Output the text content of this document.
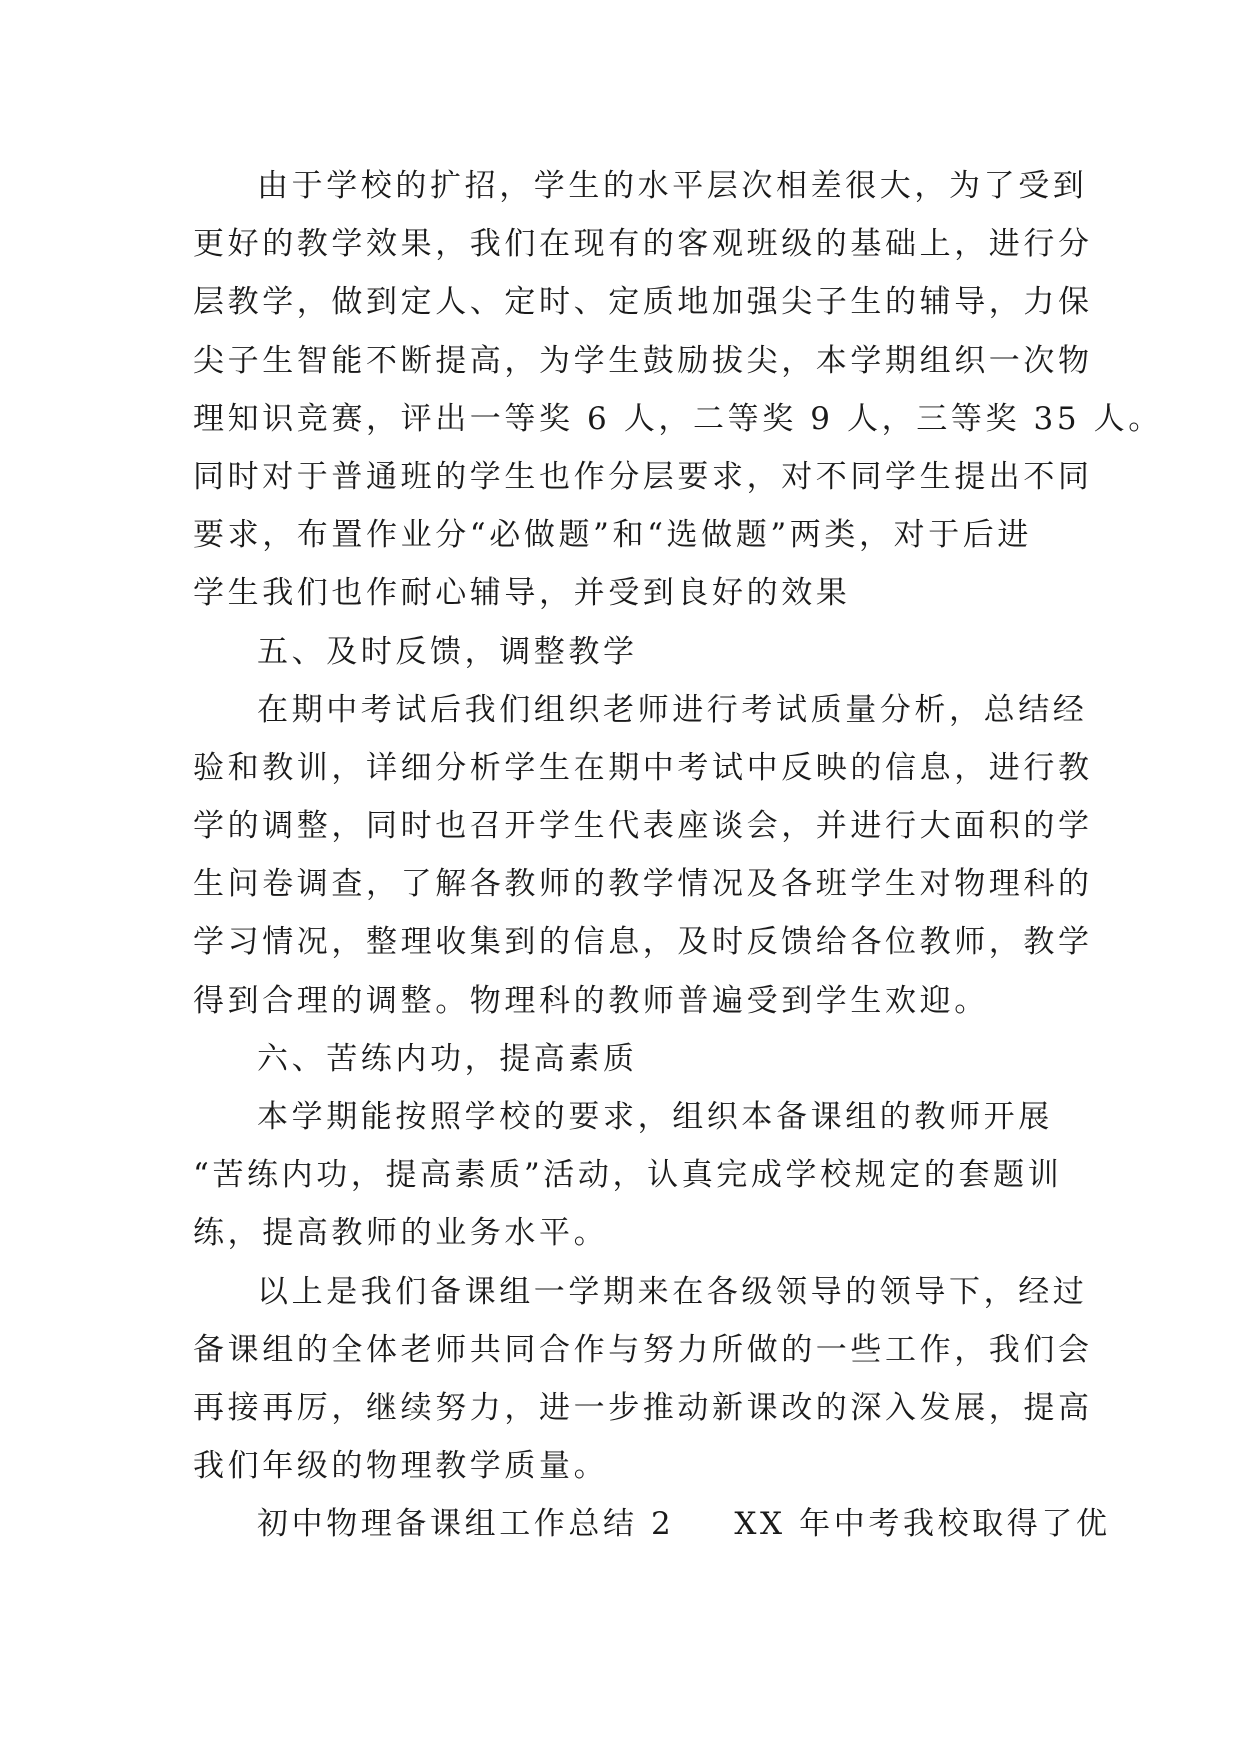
由于学校的扩招，学生的水平层次相差很大，为了受到
更好的教学效果，我们在现有的客观班级的基础上，进行分
层教学，做到定人、定时、定质地加强尖子生的辅导，力保
尖子生智能不断提高，为学生鼓励拔尖，本学期组织一次物
理知识竞赛，评出一等奖 6 人，二等奖 9 人，三等奖 35 人。
同时对于普通班的学生也作分层要求，对不同学生提出不同
要求，布置作业分“必做题”和“选做题”两类，对于后进
学生我们也作耐心辅导，并受到良好的效果
五、及时反馈，调整教学
在期中考试后我们组织老师进行考试质量分析，总结经
验和教训，详细分析学生在期中考试中反映的信息，进行教
学的调整，同时也召开学生代表座谈会，并进行大面积的学
生问卷调查，了解各教师的教学情况及各班学生对物理科的
学习情况，整理收集到的信息，及时反馈给各位教师，教学
得到合理的调整。物理科的教师普遍受到学生欢迎。
六、苦练内功，提高素质
本学期能按照学校的要求，组织本备课组的教师开展
“苦练内功，提高素质”活动，认真完成学校规定的套题训
练，提高教师的业务水平。
以上是我们备课组一学期来在各级领导的领导下，经过
备课组的全体老师共同合作与努力所做的一些工作，我们会
再接再厉，继续努力，进一步推动新课改的深入发展，提高
我们年级的物理教学质量。
初中物理备课组工作总结 2 XX 年中考我校取得了优
